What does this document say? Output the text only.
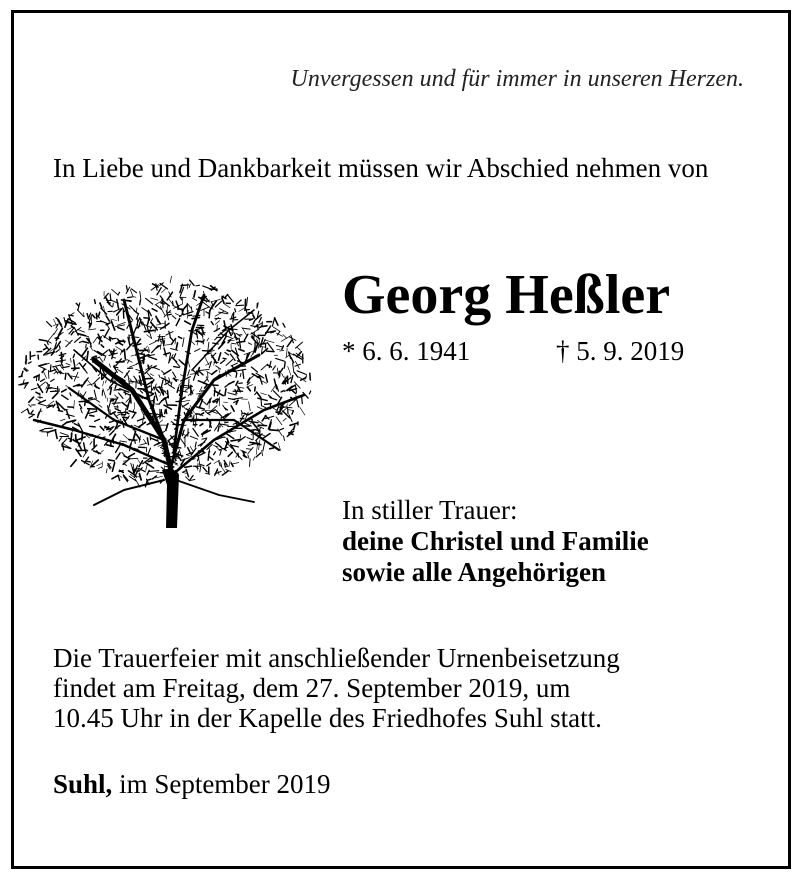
Unvergessen und für immer in unseren Herzen.
In Liebe und Dankbarkeit müssen wir Abschied nehmen von
Georg Heßler
* 6. 6. 1941	† 5. 9. 2019
In stiller Trauer:
deine Christel und Familie
sowie alle Angehörigen
Die Trauerfeier mit anschließender Urnenbeisetzung
findet am Freitag, dem 27. September 2019, um
10.45 Uhr in der Kapelle des Friedhofes Suhl statt.
Suhl, im September 2019
